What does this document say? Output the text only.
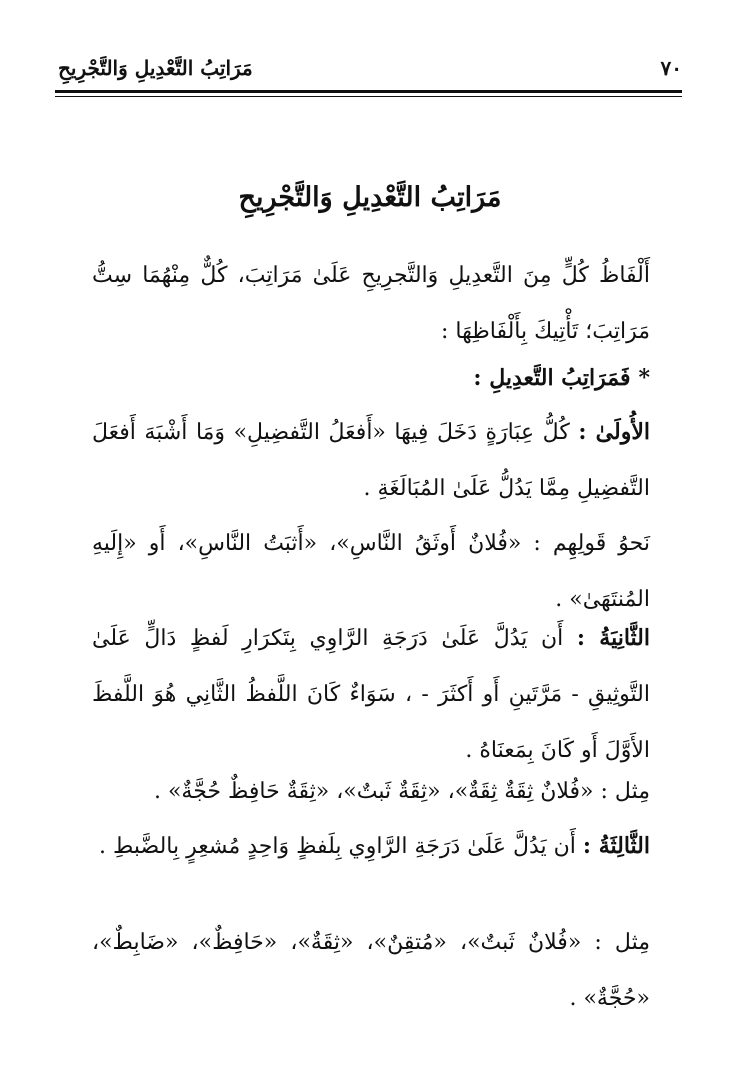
٧٠
مَرَاتِبُ التَّعْدِيلِ وَالتَّجْرِيحِ
مَرَاتِبُ التَّعْدِيلِ وَالتَّجْرِيحِ
أَلْفَاظُ كُلٍّ مِنَ التَّعدِيلِ وَالتَّجرِيحِ عَلَىٰ مَرَاتِبَ، كُلٌّ مِنْهُمَا سِتُّ مَرَاتِبَ؛ تَأْتِيكَ بِأَلْفَاظِهَا :
*فَمَرَاتِبُ التَّعدِيلِ :
الأُولَىٰ : كُلُّ عِبَارَةٍ دَخَلَ فِيهَا «أَفعَلُ التَّفضِيلِ» وَمَا أَشْبَهَ أَفعَلَ التَّفضِيلِ مِمَّا يَدُلُّ عَلَىٰ المُبَالَغَةِ .
نَحوُ قَولِهِم : «فُلانٌ أَوثَقُ النَّاسِ»، «أَثبَتُ النَّاسِ»، أَو «إِلَيهِ المُنتَهَىٰ» .
الثَّانِيَةُ : أَن يَدُلَّ عَلَىٰ دَرَجَةِ الرَّاوِي بِتَكرَارِ لَفظٍ دَالٍّ عَلَىٰ التَّوثِيقِ - مَرَّتَينِ أَو أَكثَرَ - ، سَوَاءٌ كَانَ اللَّفظُ الثَّانِي هُوَ اللَّفظَ الأَوَّلَ أَو كَانَ بِمَعنَاهُ .
مِثل : «فُلانٌ ثِقَةٌ ثِقَةٌ»، «ثِقَةٌ ثَبتٌ»، «ثِقَةٌ حَافِظٌ حُجَّةٌ» .
الثَّالِثَةُ : أَن يَدُلَّ عَلَىٰ دَرَجَةِ الرَّاوِي بِلَفظٍ وَاحِدٍ مُشعِرٍ بِالضَّبطِ .
مِثل : «فُلانٌ ثَبتٌ»، «مُتقِنٌ»، «ثِقَةٌ»، «حَافِظٌ»، «ضَابِطٌ»، «حُجَّةٌ» .
